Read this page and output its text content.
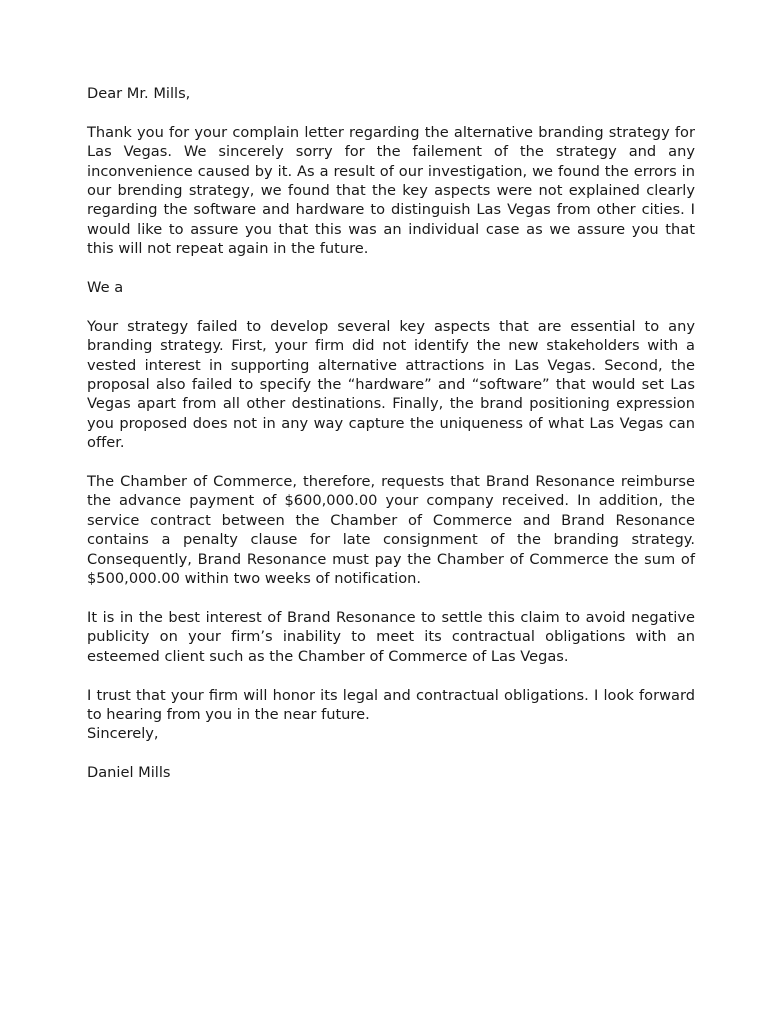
Dear Mr. Mills,

Thank you for your complain letter regarding the alternative branding strategy for Las Vegas. We sincerely sorry for the failement of the strategy and any inconvenience caused by it. As a result of our investigation, we found the errors in our brending strategy, we found that the key aspects were not explained clearly regarding the software and hardware to distinguish Las Vegas from other cities. I would like to assure you that this was an individual case as we assure you that this will not repeat again in the future.

We a

Your strategy failed to develop several key aspects that are essential to any branding strategy. First, your firm did not identify the new stakeholders with a vested interest in supporting alternative attractions in Las Vegas. Second, the proposal also failed to specify the “hardware” and “software” that would set Las Vegas apart from all other destinations. Finally, the brand positioning expression you proposed does not in any way capture the uniqueness of what Las Vegas can offer.

The Chamber of Commerce, therefore, requests that Brand Resonance reimburse the advance payment of $600,000.00 your company received. In addition, the service contract between the Chamber of Commerce and Brand Resonance contains a penalty clause for late consignment of the branding strategy. Consequently, Brand Resonance must pay the Chamber of Commerce the sum of $500,000.00 within two weeks of notification.

It is in the best interest of Brand Resonance to settle this claim to avoid negative publicity on your firm’s inability to meet its contractual obligations with an esteemed client such as the Chamber of Commerce of Las Vegas.

I trust that your firm will honor its legal and contractual obligations. I look forward to hearing from you in the near future.
Sincerely,

Daniel Mills
